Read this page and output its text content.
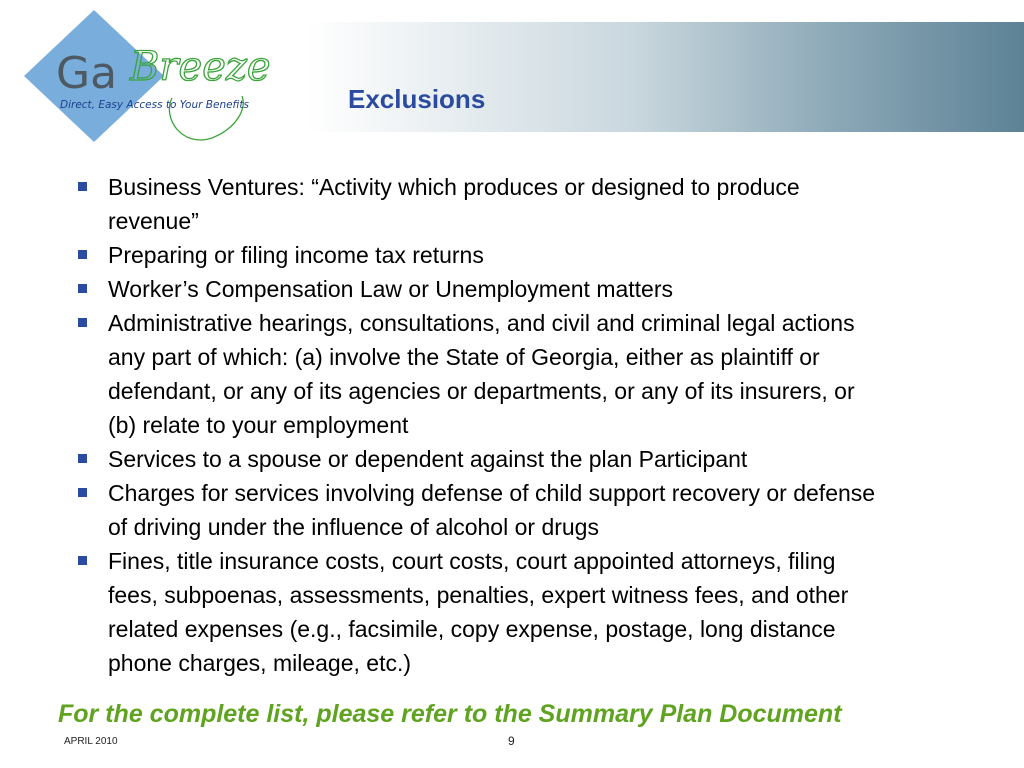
Ga Breeze
Direct, Easy Access to Your Benefits	Exclusions
Business Ventures: “Activity which produces or designed to produce
revenue”
Preparing or filing income tax returns
Worker’s Compensation Law or Unemployment matters
Administrative hearings, consultations, and civil and criminal legal actions
any part of which: (a) involve the State of Georgia, either as plaintiff or
defendant, or any of its agencies or departments, or any of its insurers, or
(b) relate to your employment
Services to a spouse or dependent against the plan Participant
Charges for services involving defense of child support recovery or defense
of driving under the influence of alcohol or drugs
Fines, title insurance costs, court costs, court appointed attorneys, filing
fees, subpoenas, assessments, penalties, expert witness fees, and other
related expenses (e.g., facsimile, copy expense, postage, long distance
phone charges, mileage, etc.)
For the complete list, please refer to the Summary Plan Document
APRIL 2010	9
